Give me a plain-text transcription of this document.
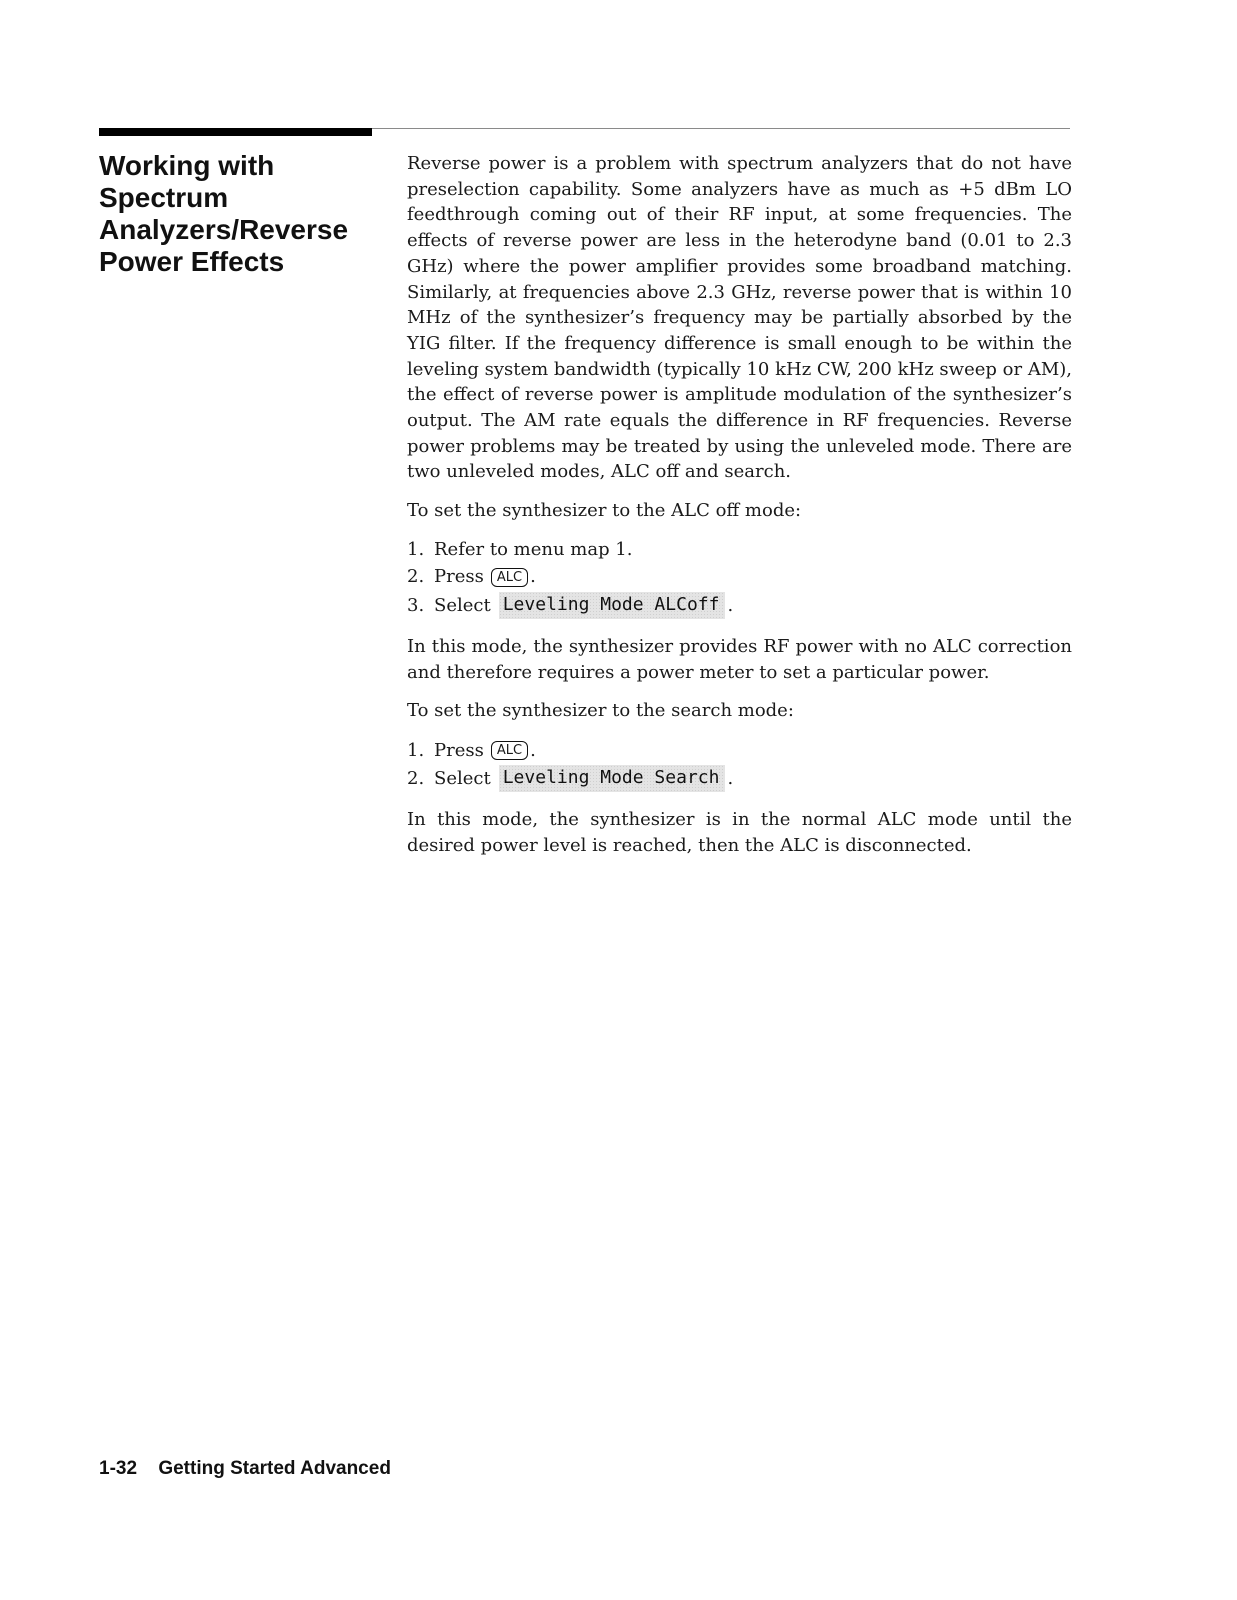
Working with
Spectrum
Analyzers/Reverse
Power Effects

Reverse power is a problem with spectrum analyzers that do not have preselection capability. Some analyzers have as much as +5 dBm LO feedthrough coming out of their RF input, at some frequencies. The effects of reverse power are less in the heterodyne band (0.01 to 2.3 GHz) where the power amplifier provides some broadband matching. Similarly, at frequencies above 2.3 GHz, reverse power that is within 10 MHz of the synthesizer’s frequency may be partially absorbed by the YIG filter. If the frequency difference is small enough to be within the leveling system bandwidth (typically 10 kHz CW, 200 kHz sweep or AM), the effect of reverse power is amplitude modulation of the synthesizer’s output. The AM rate equals the difference in RF frequencies. Reverse power problems may be treated by using the unleveled mode. There are two unleveled modes, ALC off and search.

To set the synthesizer to the ALC off mode:

1. Refer to menu map 1.
2. Press	ALC .
3. Select Leveling Mode ALCoff .

In this mode, the synthesizer provides RF power with no ALC correction and therefore requires a power meter to set a particular power.

To set the synthesizer to the search mode:

1. Press	ALC .
2. Select Leveling Mode Search .

In this mode, the synthesizer is in the normal ALC mode until the desired power level is reached, then the ALC is disconnected.

1-32 Getting Started Advanced
